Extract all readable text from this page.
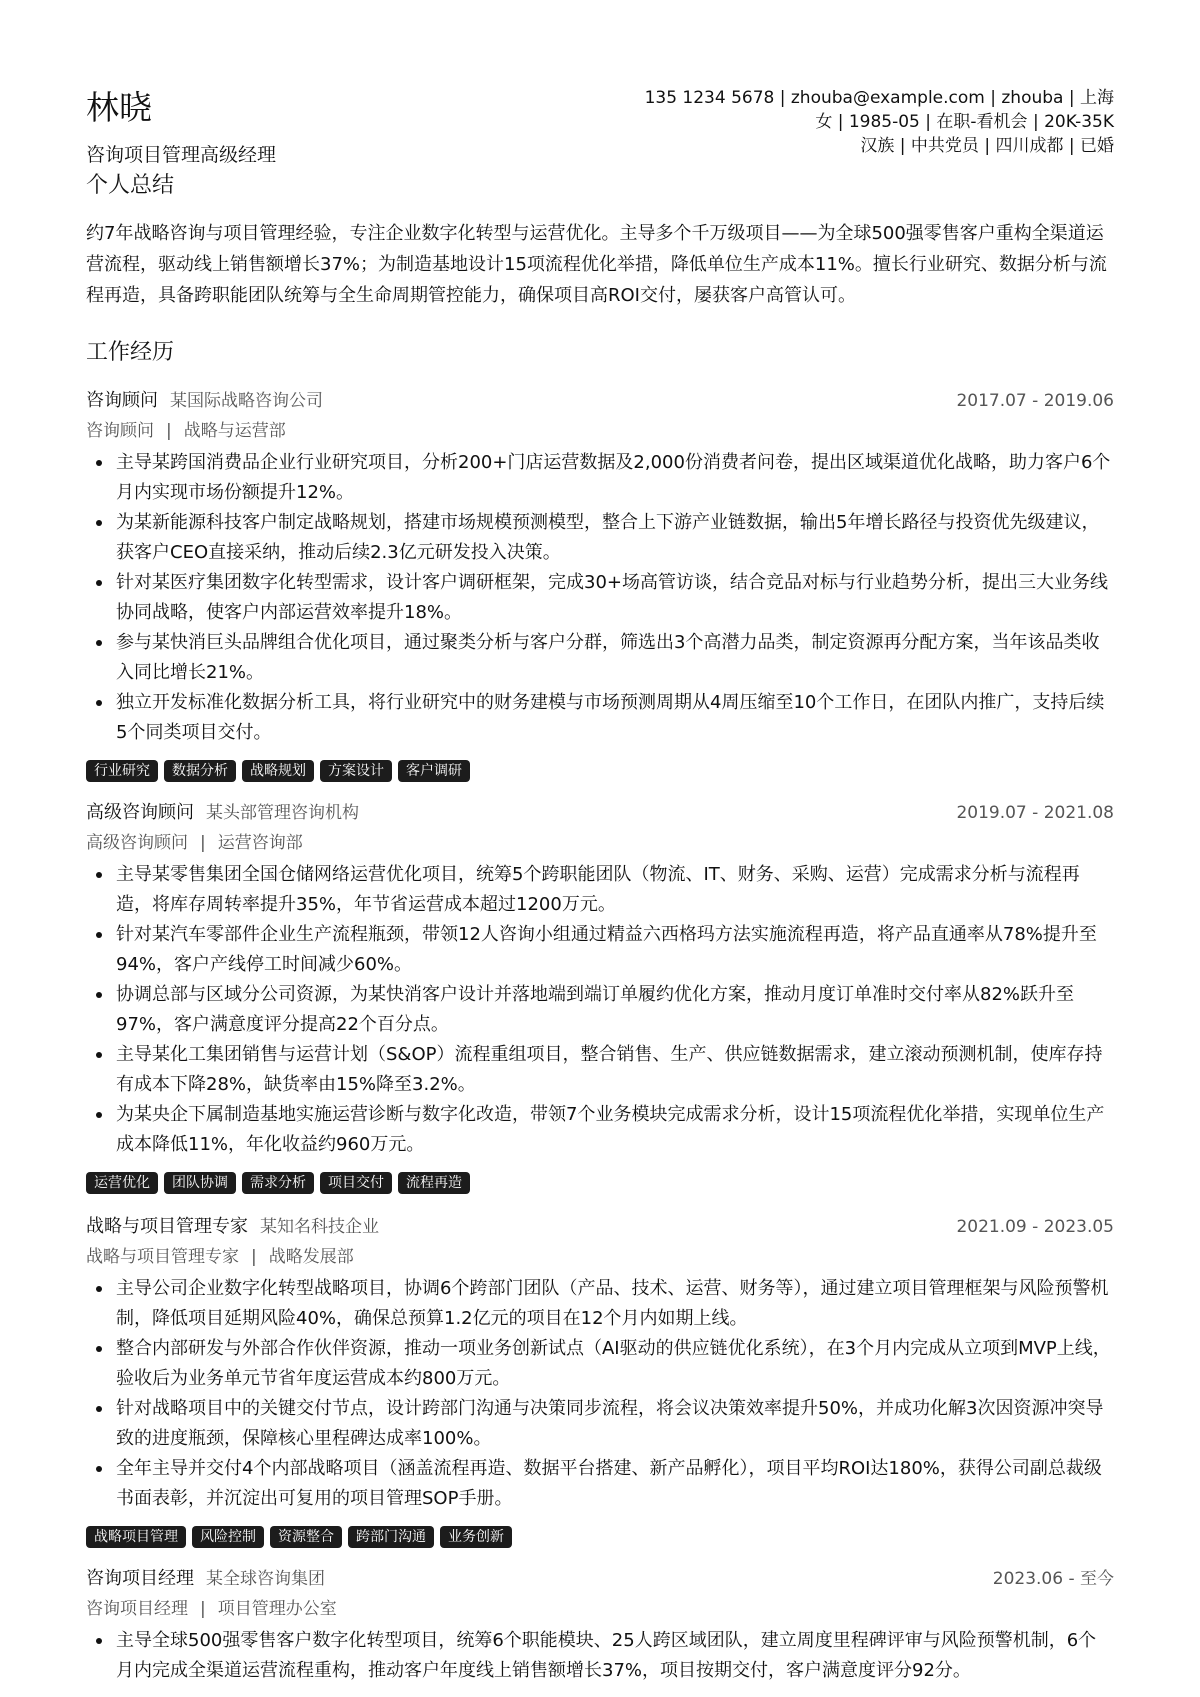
林晓
咨询项目管理高级经理
135 1234 5678 | zhouba@example.com | zhouba | 上海
女 | 1985-05 | 在职-看机会 | 20K-35K
汉族 | 中共党员 | 四川成都 | 已婚
个人总结
约7年战略咨询与项目管理经验，专注企业数字化转型与运营优化。主导多个千万级项目——为全球500强零售客户重构全渠道运营流程，驱动线上销售额增长37%；为制造基地设计15项流程优化举措，降低单位生产成本11%。擅长行业研究、数据分析与流程再造，具备跨职能团队统筹与全生命周期管控能力，确保项目高ROI交付，屡获客户高管认可。
工作经历
咨询顾问 某国际战略咨询公司	2017.07 - 2019.06
咨询顾问 | 战略与运营部
主导某跨国消费品企业行业研究项目，分析200+门店运营数据及2,000份消费者问卷，提出区域渠道优化战略，助力客户6个月内实现市场份额提升12%。
为某新能源科技客户制定战略规划，搭建市场规模预测模型，整合上下游产业链数据，输出5年增长路径与投资优先级建议，获客户CEO直接采纳，推动后续2.3亿元研发投入决策。
针对某医疗集团数字化转型需求，设计客户调研框架，完成30+场高管访谈，结合竞品对标与行业趋势分析，提出三大业务线协同战略，使客户内部运营效率提升18%。
参与某快消巨头品牌组合优化项目，通过聚类分析与客户分群，筛选出3个高潜力品类，制定资源再分配方案，当年该品类收入同比增长21%。
独立开发标准化数据分析工具，将行业研究中的财务建模与市场预测周期从4周压缩至10个工作日，在团队内推广，支持后续5个同类项目交付。
行业研究 数据分析 战略规划 方案设计 客户调研
高级咨询顾问 某头部管理咨询机构	2019.07 - 2021.08
高级咨询顾问 | 运营咨询部
主导某零售集团全国仓储网络运营优化项目，统筹5个跨职能团队（物流、IT、财务、采购、运营）完成需求分析与流程再造，将库存周转率提升35%，年节省运营成本超过1200万元。
针对某汽车零部件企业生产流程瓶颈，带领12人咨询小组通过精益六西格玛方法实施流程再造，将产品直通率从78%提升至94%，客户产线停工时间减少60%。
协调总部与区域分公司资源，为某快消客户设计并落地端到端订单履约优化方案，推动月度订单准时交付率从82%跃升至97%，客户满意度评分提高22个百分点。
主导某化工集团销售与运营计划（S&OP）流程重组项目，整合销售、生产、供应链数据需求，建立滚动预测机制，使库存持有成本下降28%，缺货率由15%降至3.2%。
为某央企下属制造基地实施运营诊断与数字化改造，带领7个业务模块完成需求分析，设计15项流程优化举措，实现单位生产成本降低11%，年化收益约960万元。
运营优化 团队协调 需求分析 项目交付 流程再造
战略与项目管理专家 某知名科技企业	2021.09 - 2023.05
战略与项目管理专家 | 战略发展部
主导公司企业数字化转型战略项目，协调6个跨部门团队（产品、技术、运营、财务等），通过建立项目管理框架与风险预警机制，降低项目延期风险40%，确保总预算1.2亿元的项目在12个月内如期上线。
整合内部研发与外部合作伙伴资源，推动一项业务创新试点（AI驱动的供应链优化系统），在3个月内完成从立项到MVP上线，验收后为业务单元节省年度运营成本约800万元。
针对战略项目中的关键交付节点，设计跨部门沟通与决策同步流程，将会议决策效率提升50%，并成功化解3次因资源冲突导致的进度瓶颈，保障核心里程碑达成率100%。
全年主导并交付4个内部战略项目（涵盖流程再造、数据平台搭建、新产品孵化），项目平均ROI达180%，获得公司副总裁级书面表彰，并沉淀出可复用的项目管理SOP手册。
战略项目管理 风险控制 资源整合 跨部门沟通 业务创新
咨询项目经理 某全球咨询集团	2023.06 - 至今
咨询项目经理 | 项目管理办公室
主导全球500强零售客户数字化转型项目，统筹6个职能模块、25人跨区域团队，建立周度里程碑评审与风险预警机制，6个月内完成全渠道运营流程重构，推动客户年度线上销售额增长37%，项目按期交付，客户满意度评分92分。
